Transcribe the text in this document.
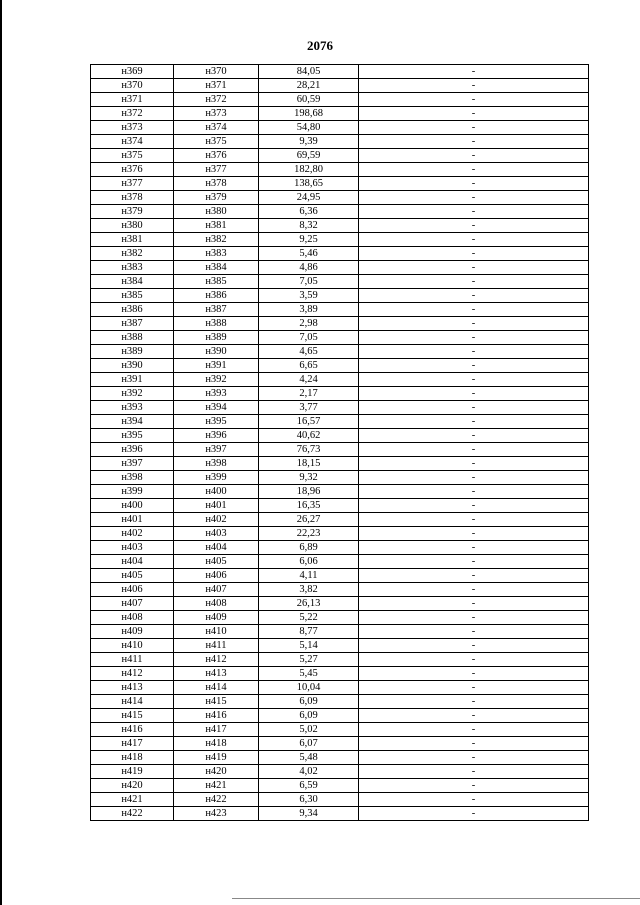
2076
н369	н370	84,05	-
н370	н371	28,21	-
н371	н372	60,59	-
н372	н373	198,68	-
н373	н374	54,80	-
н374	н375	9,39	-
н375	н376	69,59	-
н376	н377	182,80	-
н377	н378	138,65	-
н378	н379	24,95	-
н379	н380	6,36	-
н380	н381	8,32	-
н381	н382	9,25	-
н382	н383	5,46	-
н383	н384	4,86	-
н384	н385	7,05	-
н385	н386	3,59	-
н386	н387	3,89	-
н387	н388	2,98	-
н388	н389	7,05	-
н389	н390	4,65	-
н390	н391	6,65	-
н391	н392	4,24	-
н392	н393	2,17	-
н393	н394	3,77	-
н394	н395	16,57	-
н395	н396	40,62	-
н396	н397	76,73	-
н397	н398	18,15	-
н398	н399	9,32	-
н399	н400	18,96	-
н400	н401	16,35	-
н401	н402	26,27	-
н402	н403	22,23	-
н403	н404	6,89	-
н404	н405	6,06	-
н405	н406	4,11	-
н406	н407	3,82	-
н407	н408	26,13	-
н408	н409	5,22	-
н409	н410	8,77	-
н410	н411	5,14	-
н411	н412	5,27	-
н412	н413	5,45	-
н413	н414	10,04	-
н414	н415	6,09	-
н415	н416	6,09	-
н416	н417	5,02	-
н417	н418	6,07	-
н418	н419	5,48	-
н419	н420	4,02	-
н420	н421	6,59	-
н421	н422	6,30	-
н422	н423	9,34	-
